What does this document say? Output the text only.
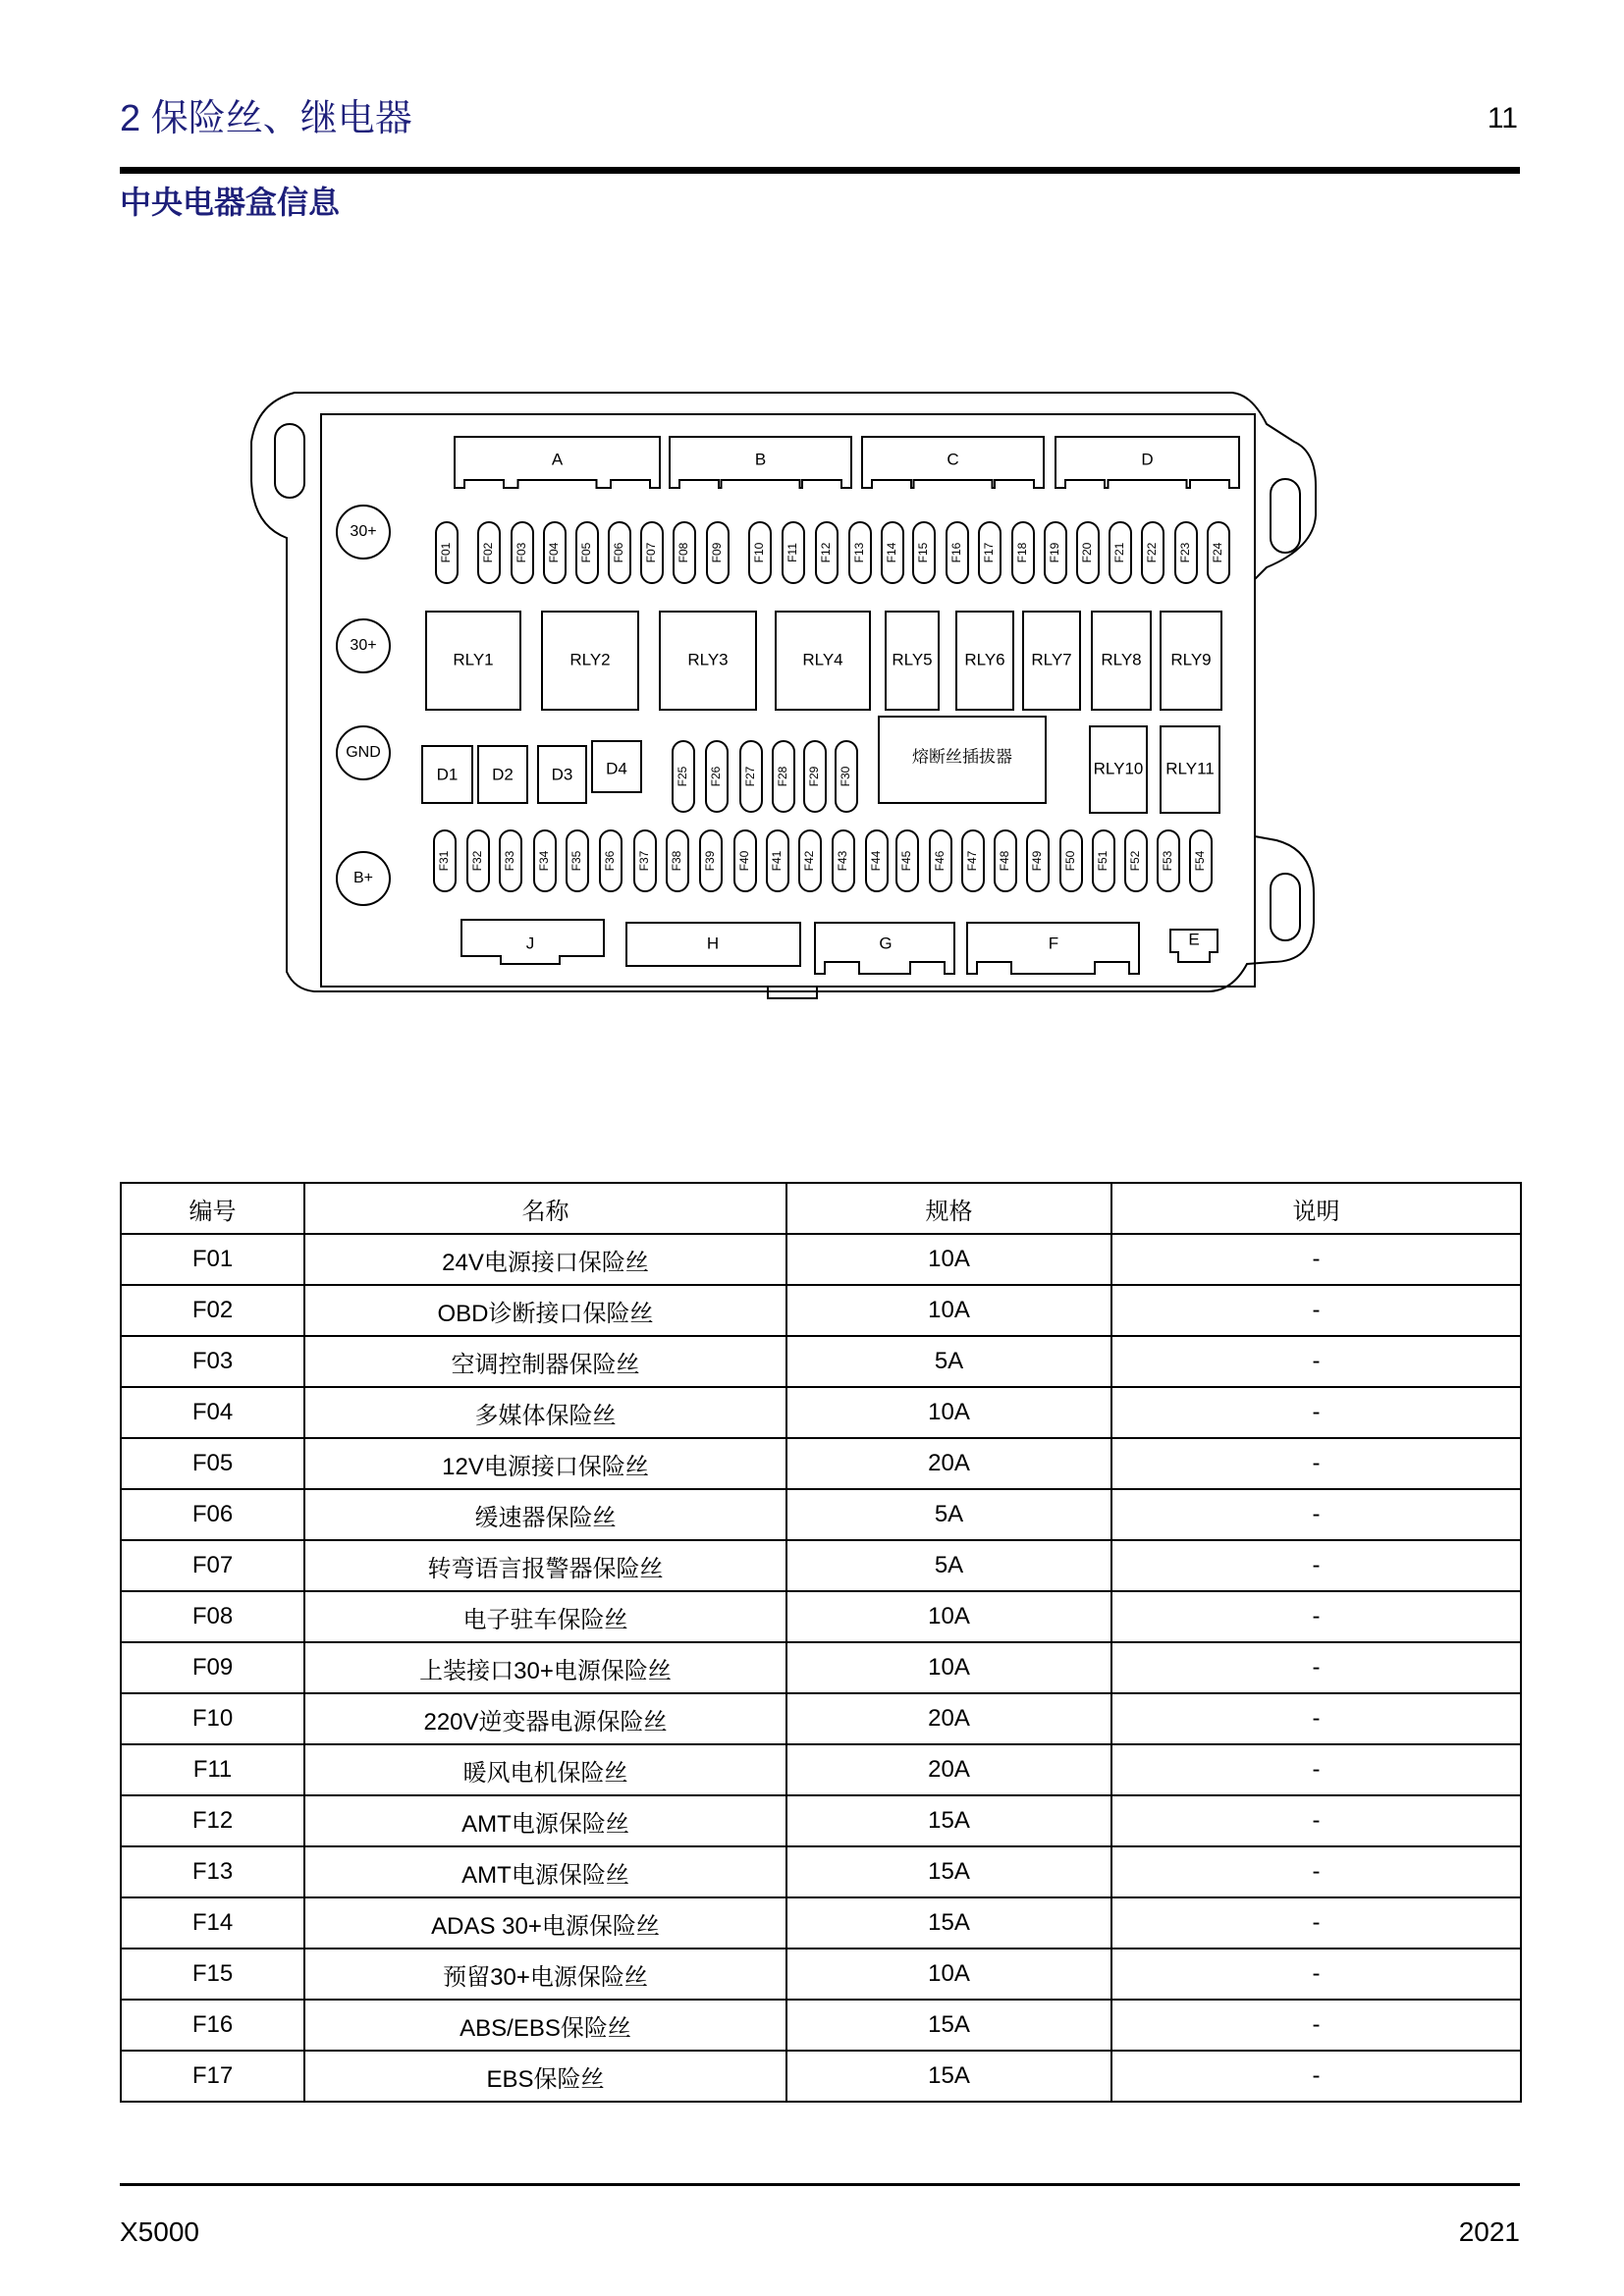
2 保险丝、继电器	11
中央电器盒信息
A	B	C	D
30+
30+
GND
B+
F01 F02 F03 F04 F05 F06 F07 F08 F09 F10 F11 F12 F13 F14 F15 F16 F17 F18 F19 F20 F21 F22 F23 F24
RLY1	RLY2	RLY3	RLY4	RLY5 RLY6 RLY7 RLY8 RLY9
D1 D2 D3 D4	F25 F26 F27 F28 F29 F30
熔断丝插拔器
RLY10 RLY11
F31 F32 F33 F34 F35 F36 F37 F38 F39 F40 F41 F42 F43 F44 F45 F46 F47 F48 F49 F50 F51 F52 F53 F54
J	H	G	F	E
编号	名称	规格	说明
F01	24V电源接口保险丝	10A	-
F02	OBD诊断接口保险丝	10A	-
F03	空调控制器保险丝	5A	-
F04	多媒体保险丝	10A	-
F05	12V电源接口保险丝	20A	-
F06	缓速器保险丝	5A	-
F07	转弯语言报警器保险丝	5A	-
F08	电子驻车保险丝	10A	-
F09	上装接口30+电源保险丝	10A	-
F10	220V逆变器电源保险丝	20A	-
F11	暖风电机保险丝	20A	-
F12	AMT电源保险丝	15A	-
F13	AMT电源保险丝	15A	-
F14	ADAS 30+电源保险丝	15A	-
F15	预留30+电源保险丝	10A	-
F16	ABS/EBS保险丝	15A	-
F17	EBS保险丝	15A	-
X5000	2021
